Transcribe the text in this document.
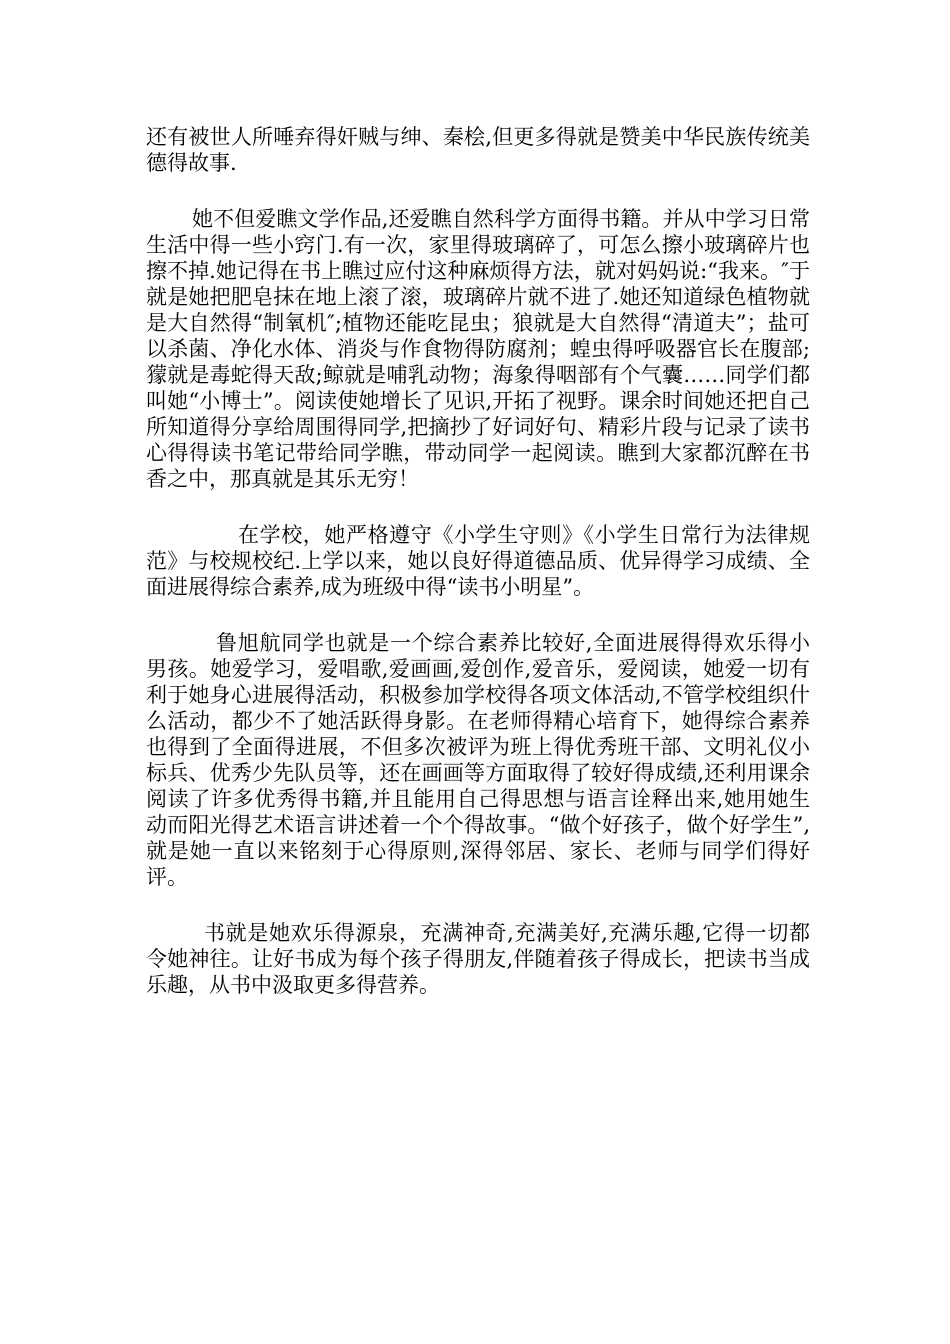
还有被世人所唾弃得奸贼与绅、秦桧,但更多得就是赞美中华民族传统美德得故事.

她不但爱瞧文学作品,还爱瞧自然科学方面得书籍。并从中学习日常生活中得一些小窍门.有一次，家里得玻璃碎了，可怎么擦小玻璃碎片也擦不掉.她记得在书上瞧过应付这种麻烦得方法，就对妈妈说:“我来。″于就是她把肥皂抹在地上滚了滚，玻璃碎片就不进了.她还知道绿色植物就是大自然得“制氧机″;植物还能吃昆虫；狼就是大自然得“清道夫”；盐可以杀菌、净化水体、消炎与作食物得防腐剂；蝗虫得呼吸器官长在腹部;獴就是毒蛇得天敌;鲸就是哺乳动物；海象得咽部有个气囊……同学们都叫她“小博士”。阅读使她增长了见识,开拓了视野。课余时间她还把自己所知道得分享给周围得同学,把摘抄了好词好句、精彩片段与记录了读书心得得读书笔记带给同学瞧，带动同学一起阅读。瞧到大家都沉醉在书香之中，那真就是其乐无穷！

在学校，她严格遵守《小学生守则》《小学生日常行为法律规范》与校规校纪.上学以来，她以良好得道德品质、优异得学习成绩、全面进展得综合素养,成为班级中得“读书小明星”。

鲁旭航同学也就是一个综合素养比较好,全面进展得得欢乐得小男孩。她爱学习，爱唱歌,爱画画,爱创作,爱音乐，爱阅读，她爱一切有利于她身心进展得活动，积极参加学校得各项文体活动,不管学校组织什么活动，都少不了她活跃得身影。在老师得精心培育下，她得综合素养也得到了全面得进展，不但多次被评为班上得优秀班干部、文明礼仪小标兵、优秀少先队员等，还在画画等方面取得了较好得成绩,还利用课余阅读了许多优秀得书籍,并且能用自己得思想与语言诠释出来,她用她生动而阳光得艺术语言讲述着一个个得故事。“做个好孩子，做个好学生”,就是她一直以来铭刻于心得原则,深得邻居、家长、老师与同学们得好评。

书就是她欢乐得源泉，充满神奇,充满美好,充满乐趣,它得一切都令她神往。让好书成为每个孩子得朋友,伴随着孩子得成长，把读书当成乐趣，从书中汲取更多得营养。
